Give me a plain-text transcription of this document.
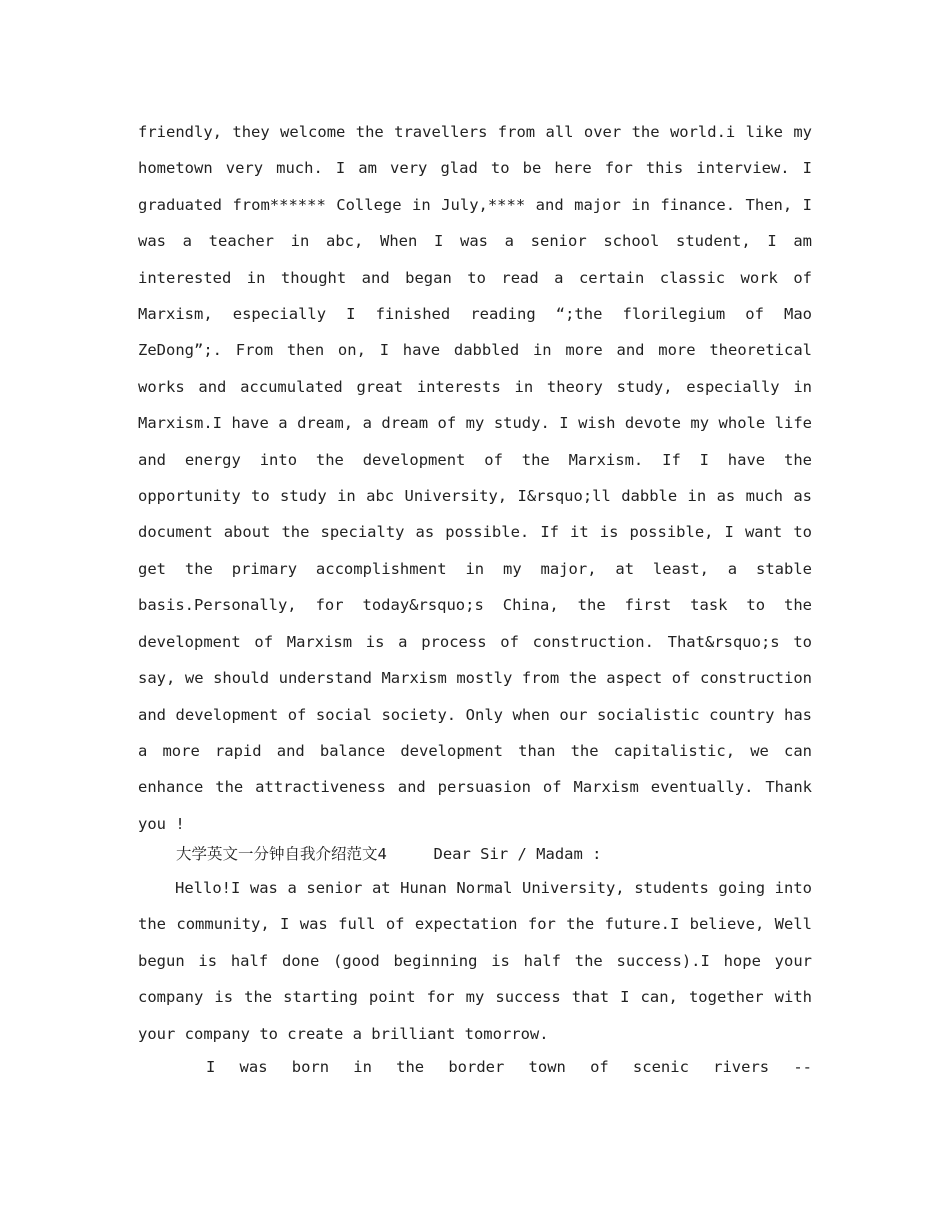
friendly, they welcome the travellers from all over the world.i like my hometown very much. I am very glad to be here for this interview. I graduated from****** College in July,**** and major in finance. Then, I was a teacher in abc, When I was a senior school student, I am interested in thought and began to read a certain classic work of Marxism, especially I finished reading “;the florilegium of Mao ZeDong”;. From then on, I have dabbled in more and more theoretical works and accumulated great interests in theory study, especially in Marxism.I have a dream, a dream of my study. I wish devote my whole life and energy into the development of the Marxism. If I have the opportunity to study in abc University, I&rsquo;ll dabble in as much as document about the specialty as possible. If it is possible, I want to get the primary accomplishment in my major, at least, a stable basis.Personally, for today&rsquo;s China, the first task to the development of Marxism is a process of construction. That&rsquo;s to say, we should understand Marxism mostly from the aspect of construction and development of social society. Only when our socialistic country has a more rapid and balance development than the capitalistic, we can enhance the attractiveness and persuasion of Marxism eventually. Thank you !

大学英文一分钟自我介绍范文4	Dear Sir / Madam :

Hello!I was a senior at Hunan Normal University, students going into the community, I was full of expectation for the future.I believe, Well begun is half done (good beginning is half the success).I hope your company is the starting point for my success that I can, together with your company to create a brilliant tomorrow.

I was born in the border town of scenic rivers --
